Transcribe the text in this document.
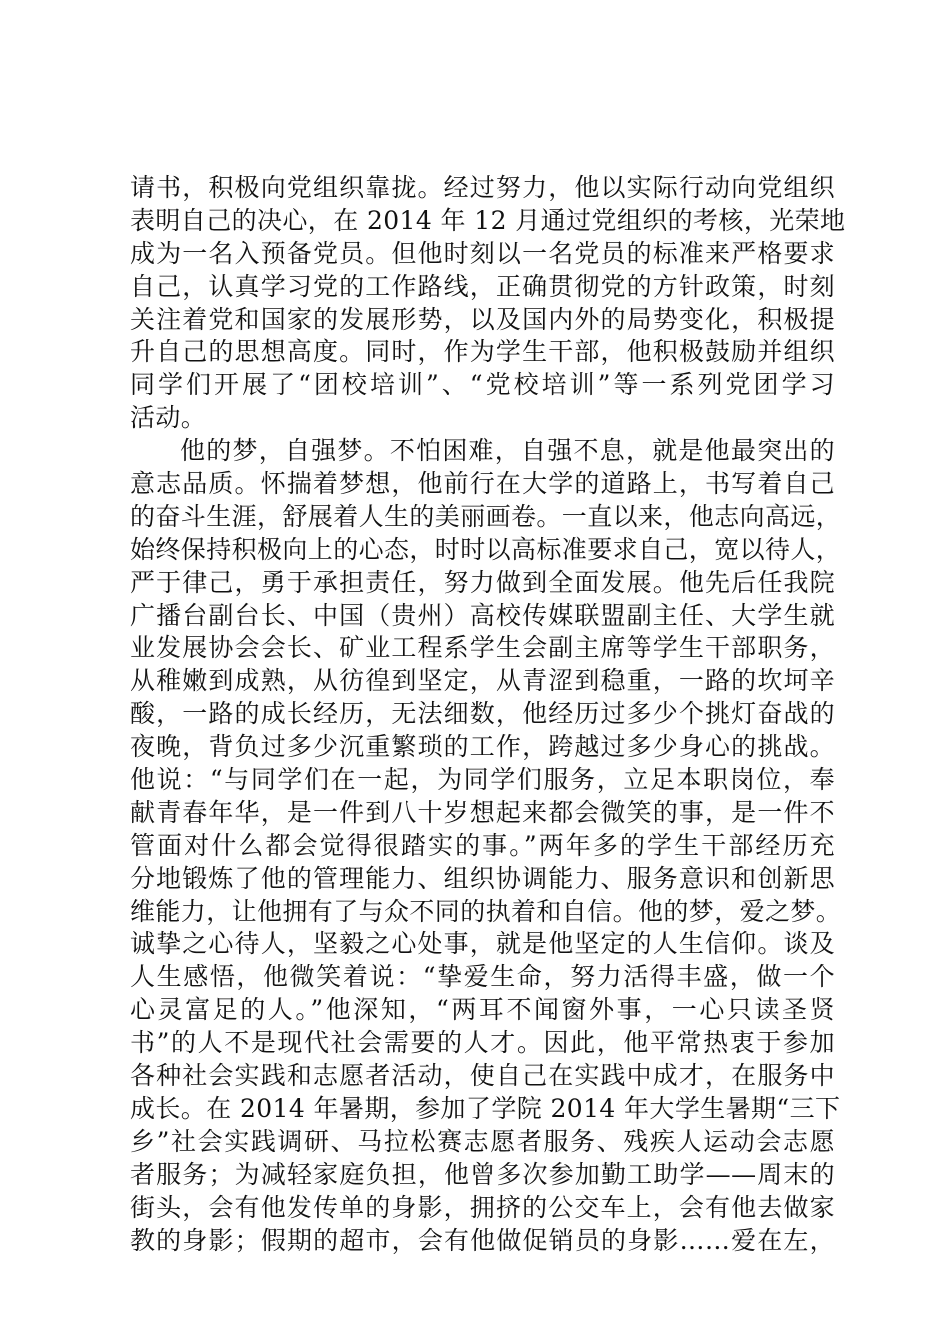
请书，积极向党组织靠拢。经过努力，他以实际行动向党组织
表明自己的决心，在 2014 年 12 月通过党组织的考核，光荣地
成为一名入预备党员。但他时刻以一名党员的标准来严格要求
自己，认真学习党的工作路线，正确贯彻党的方针政策，时刻
关注着党和国家的发展形势，以及国内外的局势变化，积极提
升自己的思想高度。同时，作为学生干部，他积极鼓励并组织
同学们开展了“团校培训”、“党校培训”等一系列党团学习
活动。
他的梦，自强梦。不怕困难，自强不息，就是他最突出的
意志品质。怀揣着梦想，他前行在大学的道路上，书写着自己
的奋斗生涯，舒展着人生的美丽画卷。一直以来，他志向高远，
始终保持积极向上的心态，时时以高标准要求自己，宽以待人，
严于律己，勇于承担责任，努力做到全面发展。他先后任我院
广播台副台长、中国（贵州）高校传媒联盟副主任、大学生就
业发展协会会长、矿业工程系学生会副主席等学生干部职务，
从稚嫩到成熟，从彷徨到坚定，从青涩到稳重，一路的坎坷辛
酸，一路的成长经历，无法细数，他经历过多少个挑灯奋战的
夜晚，背负过多少沉重繁琐的工作，跨越过多少身心的挑战。
他说：“与同学们在一起，为同学们服务，立足本职岗位，奉
献青春年华，是一件到八十岁想起来都会微笑的事，是一件不
管面对什么都会觉得很踏实的事。”两年多的学生干部经历充
分地锻炼了他的管理能力、组织协调能力、服务意识和创新思
维能力，让他拥有了与众不同的执着和自信。他的梦，爱之梦。
诚挚之心待人，坚毅之心处事，就是他坚定的人生信仰。谈及
人生感悟，他微笑着说：“挚爱生命，努力活得丰盛，做一个
心灵富足的人。”他深知，“两耳不闻窗外事，一心只读圣贤
书”的人不是现代社会需要的人才。因此，他平常热衷于参加
各种社会实践和志愿者活动，使自己在实践中成才，在服务中
成长。在 2014 年暑期，参加了学院 2014 年大学生暑期“三下
乡”社会实践调研、马拉松赛志愿者服务、残疾人运动会志愿
者服务；为减轻家庭负担，他曾多次参加勤工助学——周末的
街头，会有他发传单的身影，拥挤的公交车上，会有他去做家
教的身影；假期的超市，会有他做促销员的身影……爱在左，
